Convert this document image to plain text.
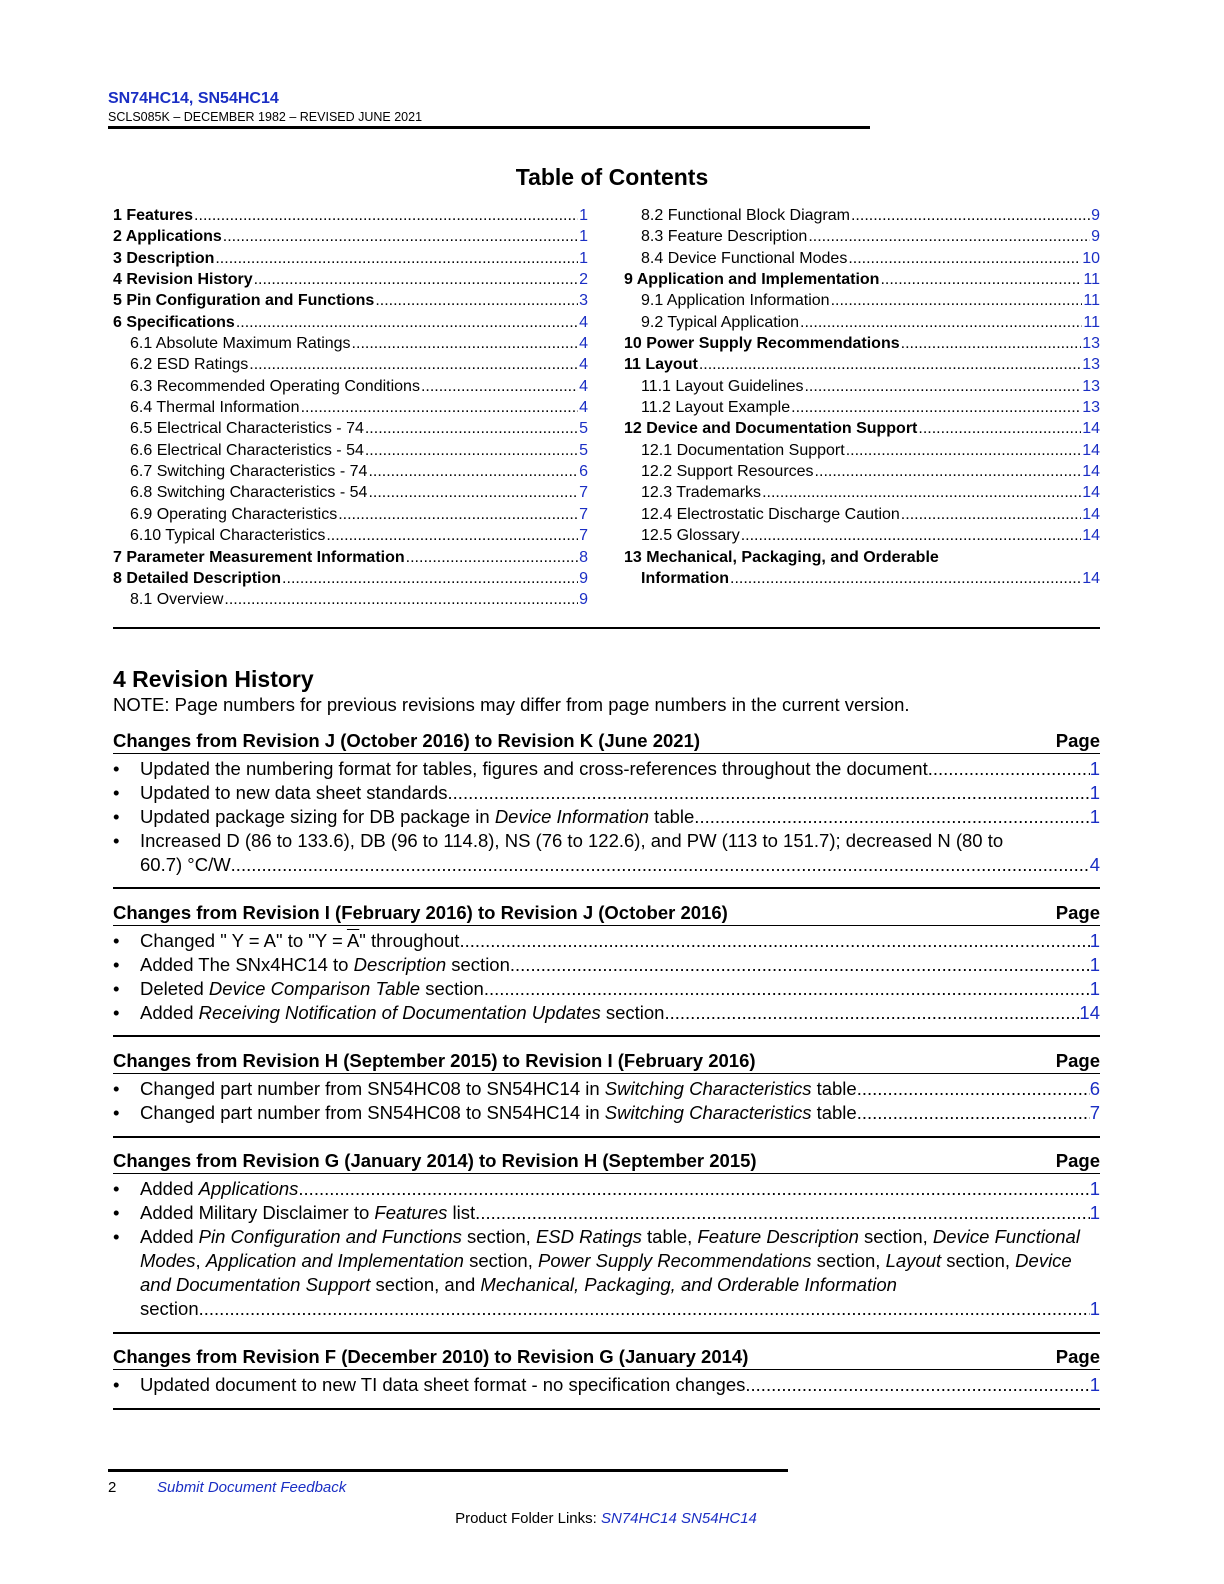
SN74HC14, SN54HC14
SCLS085K – DECEMBER 1982 – REVISED JUNE 2021
Table of Contents
1 Features .....	1
2 Applications .....	1
3 Description .....	1
4 Revision History .....	2
5 Pin Configuration and Functions .....	3
6 Specifications .....	4
6.1 Absolute Maximum Ratings .....	4
6.2 ESD Ratings .....	4
6.3 Recommended Operating Conditions .....	4
6.4 Thermal Information .....	4
6.5 Electrical Characteristics - 74 .....	5
6.6 Electrical Characteristics - 54 .....	5
6.7 Switching Characteristics - 74 .....	6
6.8 Switching Characteristics - 54 .....	7
6.9 Operating Characteristics .....	7
6.10 Typical Characteristics .....	7
7 Parameter Measurement Information .....	8
8 Detailed Description .....	9
8.1 Overview .....	9
8.2 Functional Block Diagram .....	9
8.3 Feature Description .....	9
8.4 Device Functional Modes .....	10
9 Application and Implementation .....	11
9.1 Application Information .....	11
9.2 Typical Application .....	11
10 Power Supply Recommendations .....	13
11 Layout .....	13
11.1 Layout Guidelines .....	13
11.2 Layout Example .....	13
12 Device and Documentation Support .....	14
12.1 Documentation Support .....	14
12.2 Support Resources .....	14
12.3 Trademarks .....	14
12.4 Electrostatic Discharge Caution .....	14
12.5 Glossary .....	14
13 Mechanical, Packaging, and Orderable
Information .....	14
4 Revision History
NOTE: Page numbers for previous revisions may differ from page numbers in the current version.
Changes from Revision J (October 2016) to Revision K (June 2021)	Page
• Updated the numbering format for tables, figures and cross-references throughout the document. .....	1
• Updated to new data sheet standards. .....	1
• Updated package sizing for DB package in Device Information table. .....	1
• Increased D (86 to 133.6), DB (96 to 114.8), NS (76 to 122.6), and PW (113 to 151.7); decreased N (80 to
60.7) °C/W .....	4
Changes from Revision I (February 2016) to Revision J (October 2016)	Page
• Changed " Y = A" to "$Y = \overline{A}$" throughout. .....	1
• Added The SNx4HC14 to Description section. .....	1
• Deleted Device Comparison Table section. .....	1
• Added Receiving Notification of Documentation Updates section. .....	14
Changes from Revision H (September 2015) to Revision I (February 2016)	Page
• Changed part number from SN54HC08 to SN54HC14 in Switching Characteristics table. .....	6
• Changed part number from SN54HC08 to SN54HC14 in Switching Characteristics table. .....	7
Changes from Revision G (January 2014) to Revision H (September 2015)	Page
• Added Applications .....	1
• Added Military Disclaimer to Features list. .....	1
• Added Pin Configuration and Functions section, ESD Ratings table, Feature Description section, Device Functional Modes, Application and Implementation section, Power Supply Recommendations section, Layout section, Device and Documentation Support section, and Mechanical, Packaging, and Orderable Information
section .....	1
Changes from Revision F (December 2010) to Revision G (January 2014)	Page
• Updated document to new TI data sheet format - no specification changes. .....	1
2	Submit Document Feedback
Product Folder Links: SN74HC14 SN54HC14
